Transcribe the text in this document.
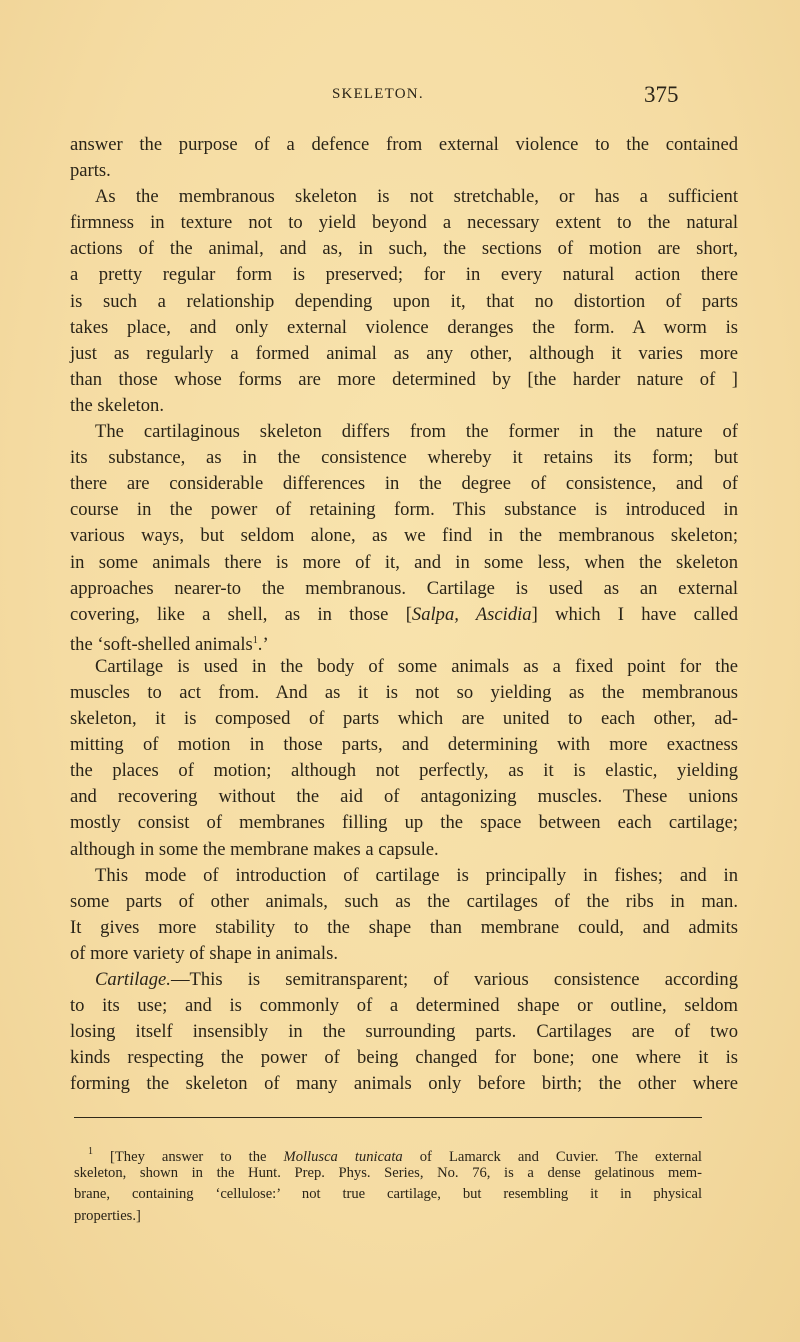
SKELETON.	375
answer the purpose of a defence from external violence to the contained
parts.
As the membranous skeleton is not stretchable, or has a sufficient
firmness in texture not to yield beyond a necessary extent to the natural
actions of the animal, and as, in such, the sections of motion are short,
a pretty regular form is preserved; for in every natural action there
is such a relationship depending upon it, that no distortion of parts
takes place, and only external violence deranges the form. A worm is
just as regularly a formed animal as any other, although it varies more
than those whose forms are more determined by [the harder nature of ]
the skeleton.
The cartilaginous skeleton differs from the former in the nature of
its substance, as in the consistence whereby it retains its form; but
there are considerable differences in the degree of consistence, and of
course in the power of retaining form. This substance is introduced in
various ways, but seldom alone, as we find in the membranous skeleton;
in some animals there is more of it, and in some less, when the skeleton
approaches nearer-to the membranous. Cartilage is used as an external
covering, like a shell, as in those [Salpa, Ascidia] which I have called
the ‘soft-shelled animals$^1$.’
Cartilage is used in the body of some animals as a fixed point for the
muscles to act from. And as it is not so yielding as the membranous
skeleton, it is composed of parts which are united to each other, ad-
mitting of motion in those parts, and determining with more exactness
the places of motion; although not perfectly, as it is elastic, yielding
and recovering without the aid of antagonizing muscles. These unions
mostly consist of membranes filling up the space between each cartilage;
although in some the membrane makes a capsule.
This mode of introduction of cartilage is principally in fishes; and in
some parts of other animals, such as the cartilages of the ribs in man.
It gives more stability to the shape than membrane could, and admits
of more variety of shape in animals.
Cartilage.—This is semitransparent; of various consistence according
to its use; and is commonly of a determined shape or outline, seldom
losing itself insensibly in the surrounding parts. Cartilages are of two
kinds respecting the power of being changed for bone; one where it is
forming the skeleton of many animals only before birth; the other where
$^1$ [They answer to the Mollusca tunicata of Lamarck and Cuvier. The external
skeleton, shown in the Hunt. Prep. Phys. Series, No. 76, is a dense gelatinous mem-
brane, containing ‘cellulose:’ not true cartilage, but resembling it in physical
properties.]
